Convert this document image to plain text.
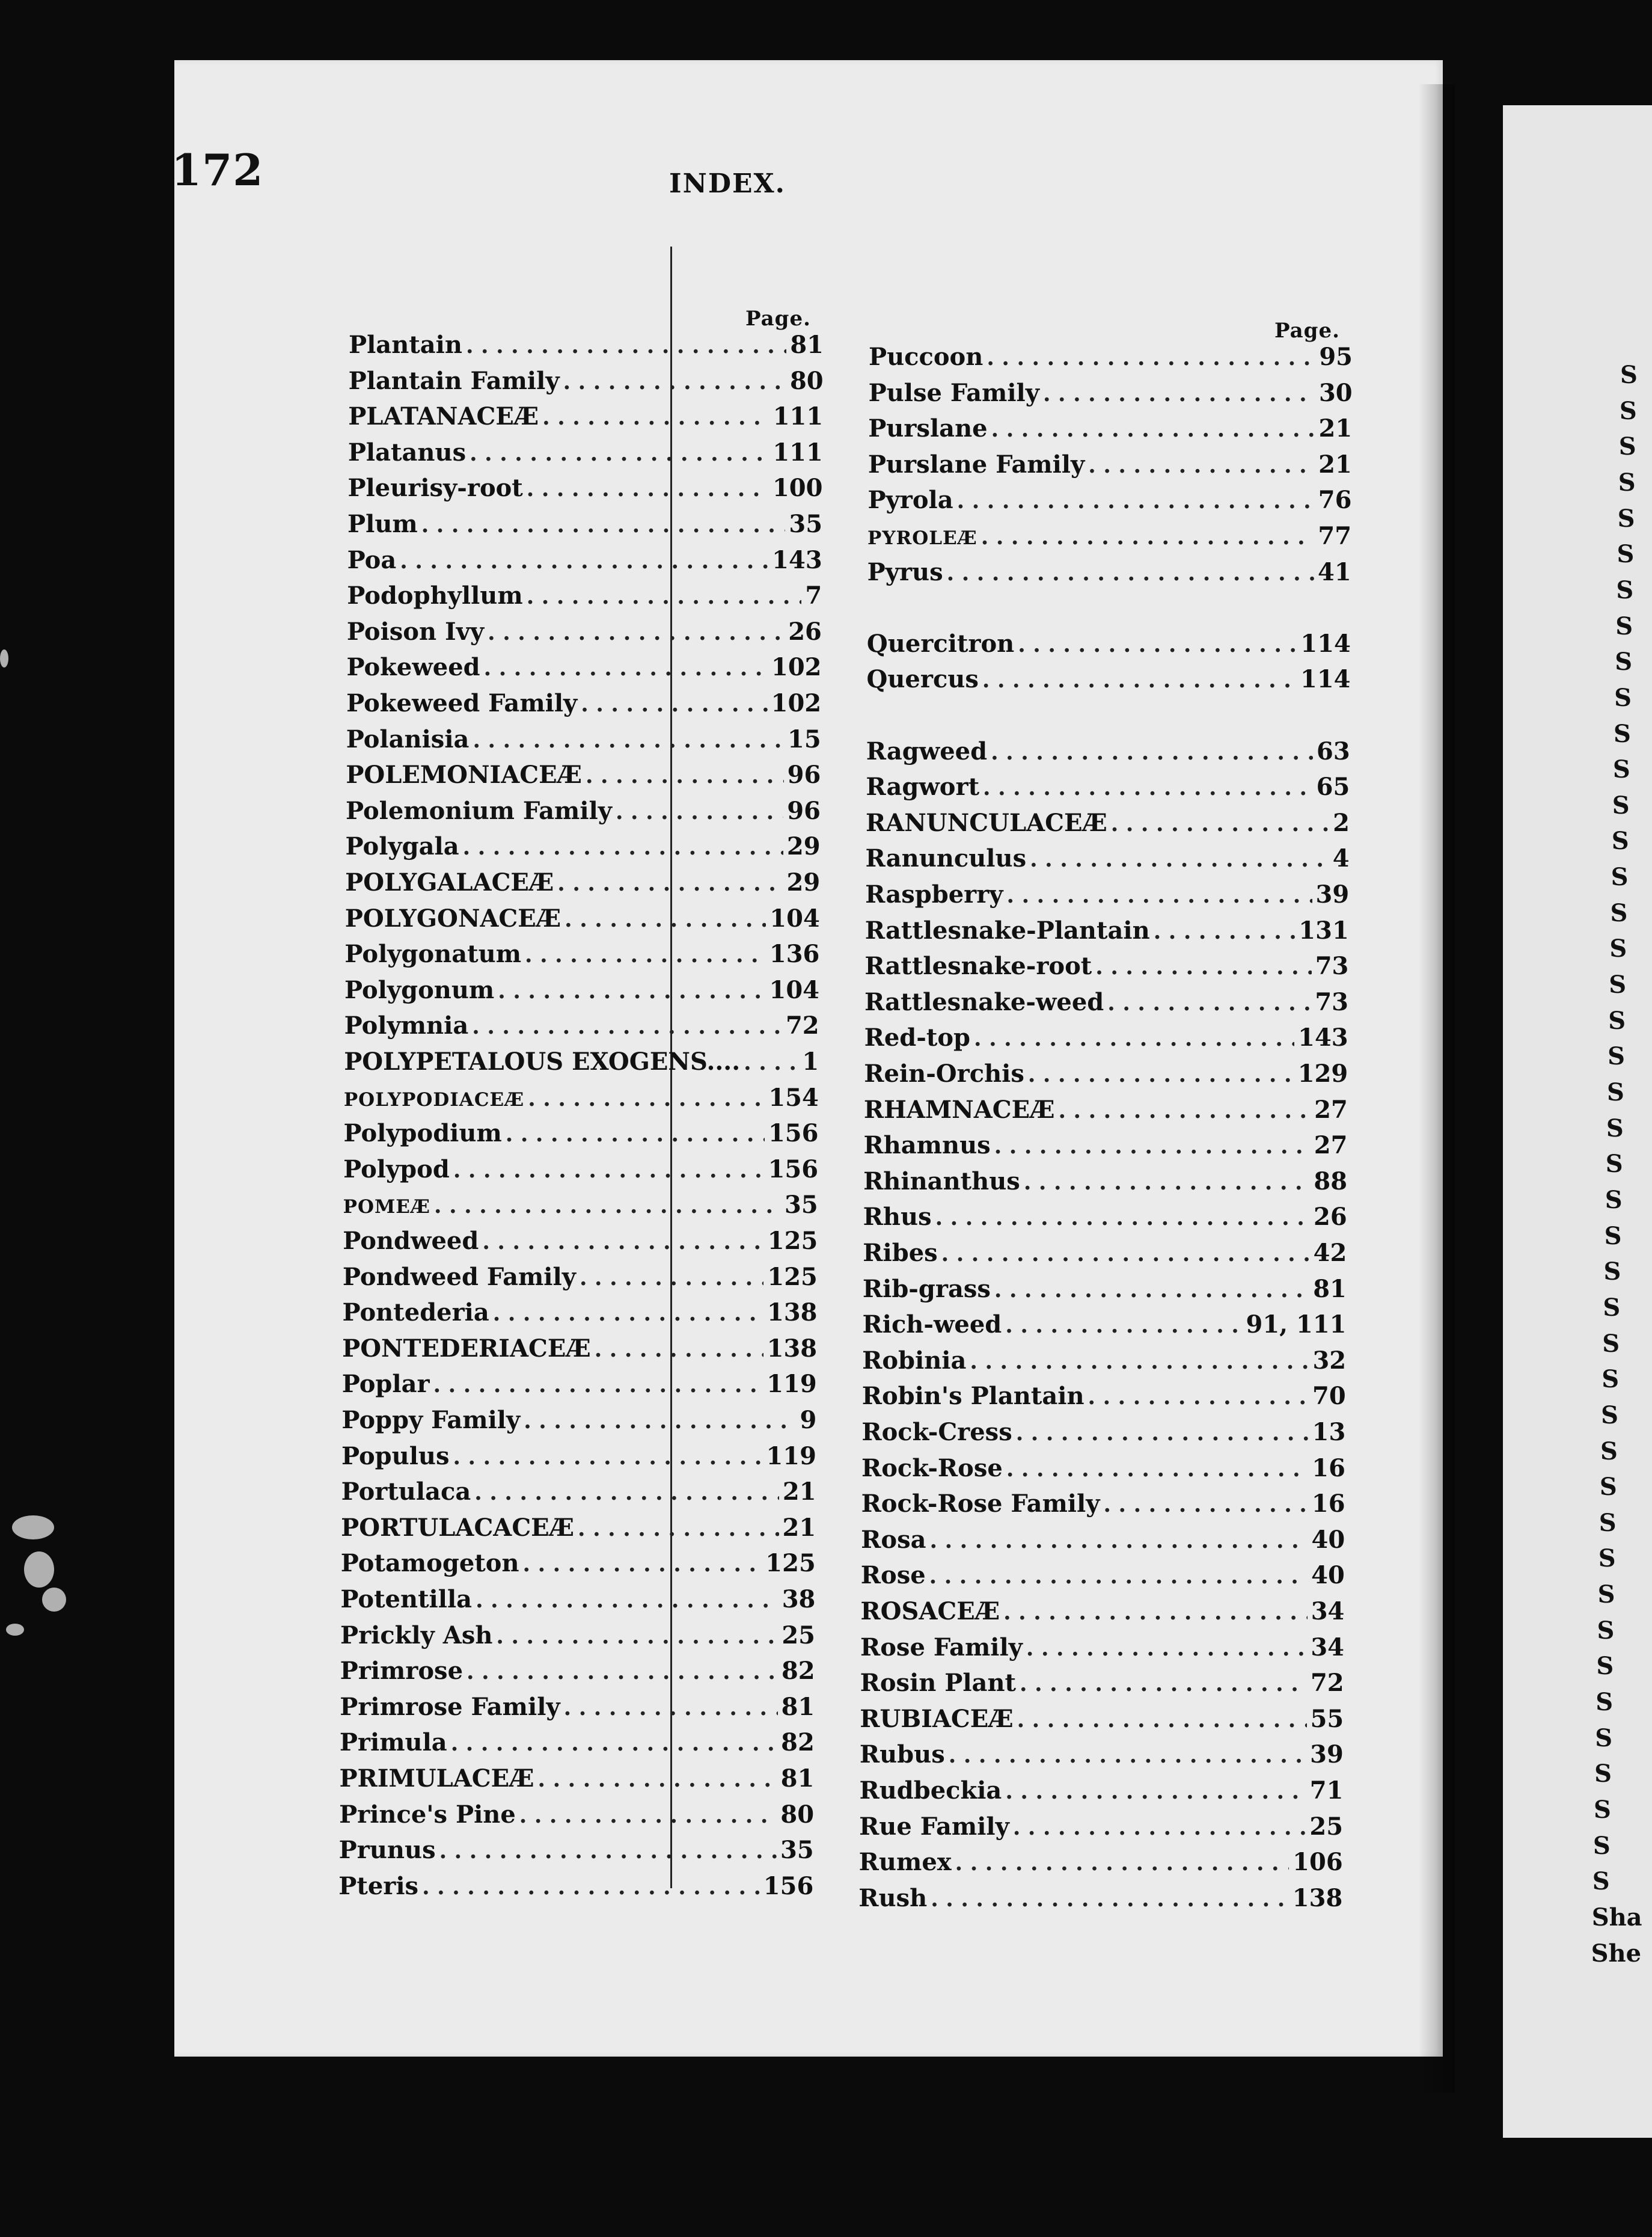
S
S
S
S
S
S
S
S
S
S
S
S
S
S
S
S
S
S
S
S
S
S
S
S
S
S
S
S
S
S
S
S
S
S
S
S
S
S
S
S
S
S
S
Sha
She
172	INDEX.
Page.
Plantain . . .	81
Plantain Family . . .	80
PLATANACEÆ . . .	111
Platanus . . .	111
Pleurisy-root . . .	100
Plum . . .	35
Poa . . .	143
Podophyllum . . .	7
Poison Ivy . . .	26
Pokeweed . . .	102
Pokeweed Family . . .	102
Polanisia . . .	15
POLEMONIACEÆ . . .	96
Polemonium Family . . .	96
Polygala . . .	29
POLYGALACEÆ . . .	29
POLYGONACEÆ . . .	104
Polygonatum . . .	136
Polygonum . . .	104
Polymnia . . .	72
POLYPETALOUS EXOGENS.... . . .	1
POLYPODIACEÆ . . .	154
Polypodium . . .	156
Polypod . . .	156
POMEÆ . . .	35
Pondweed . . .	125
Pondweed Family . . .	125
Pontederia . . .	138
PONTEDERIACEÆ . . .	138
Poplar . . .	119
Poppy Family . . .	9
Populus . . .	119
Portulaca . . .	21
PORTULACACEÆ . . .	21
Potamogeton . . .	125
Potentilla . . .	38
Prickly Ash . . .	25
Primrose . . .	82
Primrose Family . . .	81
Primula . . .	82
PRIMULACEÆ . . .	81
Prince's Pine . . .	80
Prunus . . .	35
Pteris . . .	156
Page.
Puccoon . . .	95
Pulse Family . . .	30
Purslane . . .	21
Purslane Family . . .	21
Pyrola . . .	76
PYROLEÆ . . .	77
Pyrus . . .	41
Quercitron . . .	114
Quercus . . .	114
Ragweed . . .	63
Ragwort . . .	65
RANUNCULACEÆ . . .	2
Ranunculus . . .	4
Raspberry . . .	39
Rattlesnake-Plantain . . .	131
Rattlesnake-root . . .	73
Rattlesnake-weed . . .	73
Red-top . . .	143
Rein-Orchis . . .	129
RHAMNACEÆ . . .	27
Rhamnus . . .	27
Rhinanthus . . .	88
Rhus . . .	26
Ribes . . .	42
Rib-grass . . .	81
Rich-weed . . .	91, 111
Robinia . . .	32
Robin's Plantain . . .	70
Rock-Cress . . .	13
Rock-Rose . . .	16
Rock-Rose Family . . .	16
Rosa . . .	40
Rose . . .	40
ROSACEÆ . . .	34
Rose Family . . .	34
Rosin Plant . . .	72
RUBIACEÆ . . .	55
Rubus . . .	39
Rudbeckia . . .	71
Rue Family . . .	25
Rumex . . .	106
Rush . . .	138
